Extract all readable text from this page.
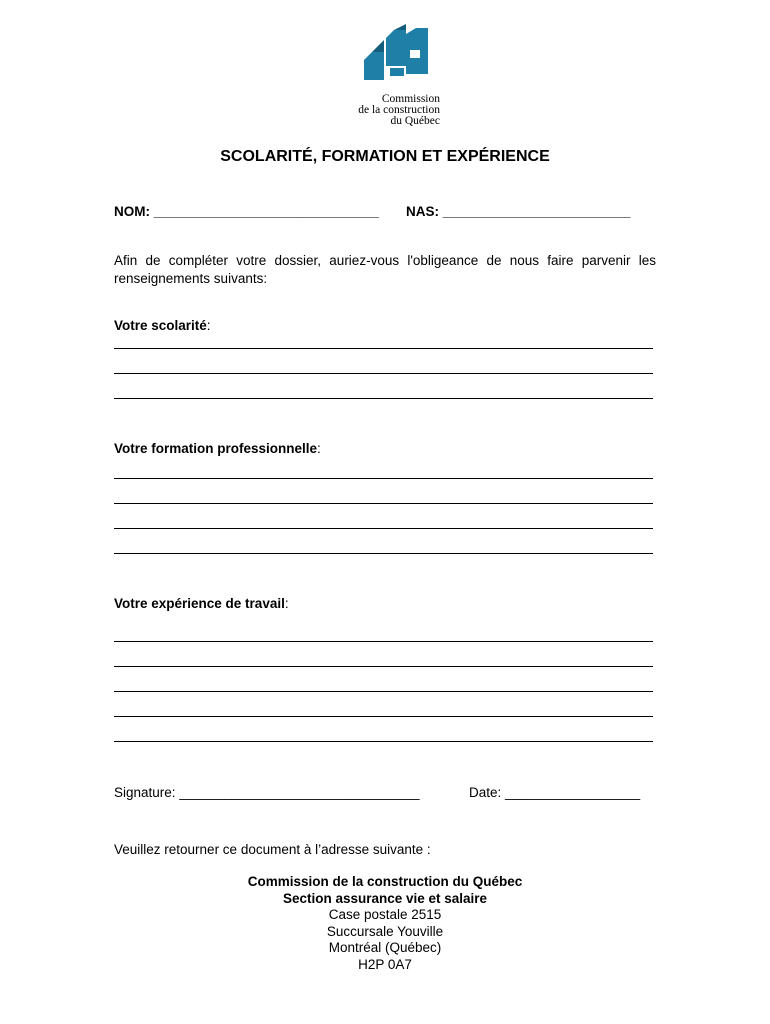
Commission
de la construction
du Québec
SCOLARITÉ, FORMATION ET EXPÉRIENCE
NOM: ______________________________ NAS: _________________________
Afin de compléter votre dossier, auriez-vous l'obligeance de nous faire parvenir les renseignements suivants:
Votre scolarité:
Votre formation professionnelle:
Votre expérience de travail:
Signature: ________________________________	Date: __________________
Veuillez retourner ce document à l’adresse suivante :
Commission de la construction du Québec
Section assurance vie et salaire
Case postale 2515
Succursale Youville
Montréal (Québec)
H2P 0A7
